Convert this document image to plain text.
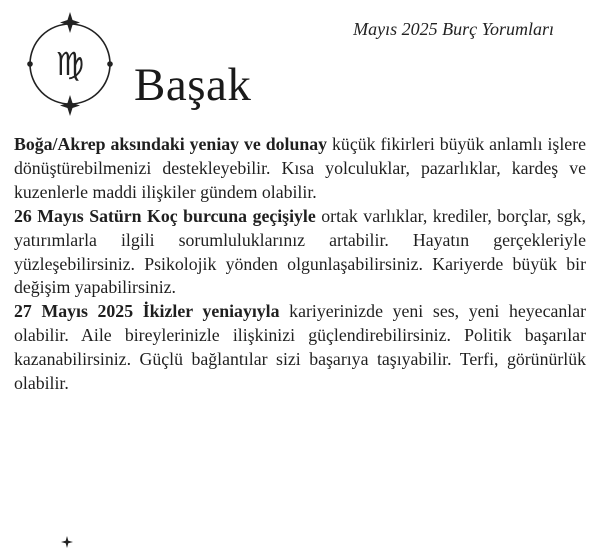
♍
Mayıs 2025 Burç Yorumları
Başak

Boğa/Akrep aksındaki yeniay ve dolunay küçük fikirleri büyük anlamlı işlere dönüştürebilmenizi destekleyebilir. Kısa yolculuklar, pazarlıklar, kardeş ve kuzenlerle maddi ilişkiler gündem olabilir.

26 Mayıs Satürn Koç burcuna geçişiyle ortak varlıklar, krediler, borçlar, sgk, yatırımlarla ilgili sorumluluklarınız artabilir. Hayatın gerçekleriyle yüzleşebilirsiniz. Psikolojik yönden olgunlaşabilirsiniz. Kariyerde büyük bir değişim yapabilirsiniz.

27 Mayıs 2025 İkizler yeniayıyla kariyerinizde yeni ses, yeni heyecanlar olabilir. Aile bireylerinizle ilişkinizi güçlendirebilirsiniz. Politik başarılar kazanabilirsiniz. Güçlü bağlantılar sizi başarıya taşıyabilir. Terfi, görünürlük olabilir.
